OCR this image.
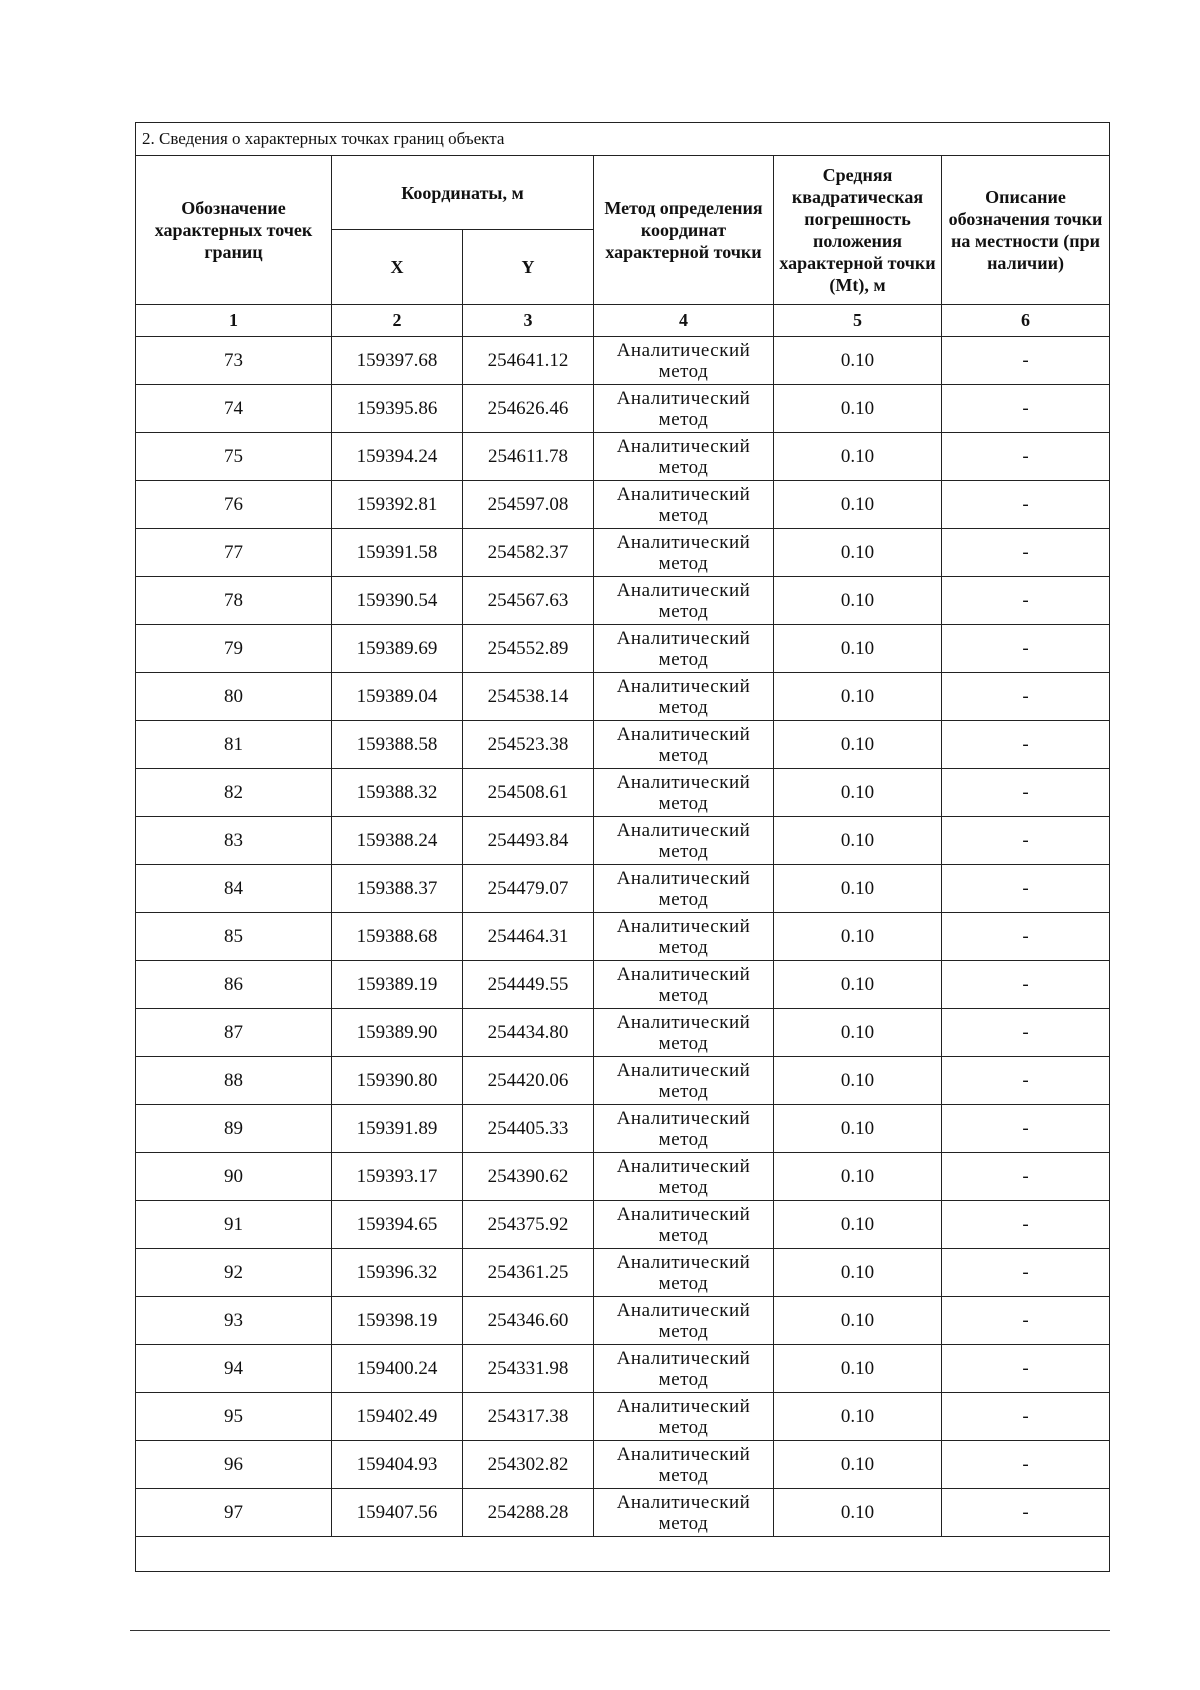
2. Сведения о характерных точках границ объекта					
Обозначение характерных точек границ	Координаты, м		Метод определения координат характерной точки	Средняя квадратическая погрешность положения характерной точки (Mt), м	Описание обозначения точки на местности (при наличии)
	X	Y			
1	2	3	4	5	6
73	159397.68	254641.12	Аналитический метод	0.10	-
74	159395.86	254626.46	Аналитический метод	0.10	-
75	159394.24	254611.78	Аналитический метод	0.10	-
76	159392.81	254597.08	Аналитический метод	0.10	-
77	159391.58	254582.37	Аналитический метод	0.10	-
78	159390.54	254567.63	Аналитический метод	0.10	-
79	159389.69	254552.89	Аналитический метод	0.10	-
80	159389.04	254538.14	Аналитический метод	0.10	-
81	159388.58	254523.38	Аналитический метод	0.10	-
82	159388.32	254508.61	Аналитический метод	0.10	-
83	159388.24	254493.84	Аналитический метод	0.10	-
84	159388.37	254479.07	Аналитический метод	0.10	-
85	159388.68	254464.31	Аналитический метод	0.10	-
86	159389.19	254449.55	Аналитический метод	0.10	-
87	159389.90	254434.80	Аналитический метод	0.10	-
88	159390.80	254420.06	Аналитический метод	0.10	-
89	159391.89	254405.33	Аналитический метод	0.10	-
90	159393.17	254390.62	Аналитический метод	0.10	-
91	159394.65	254375.92	Аналитический метод	0.10	-
92	159396.32	254361.25	Аналитический метод	0.10	-
93	159398.19	254346.60	Аналитический метод	0.10	-
94	159400.24	254331.98	Аналитический метод	0.10	-
95	159402.49	254317.38	Аналитический метод	0.10	-
96	159404.93	254302.82	Аналитический метод	0.10	-
97	159407.56	254288.28	Аналитический метод	0.10	-
